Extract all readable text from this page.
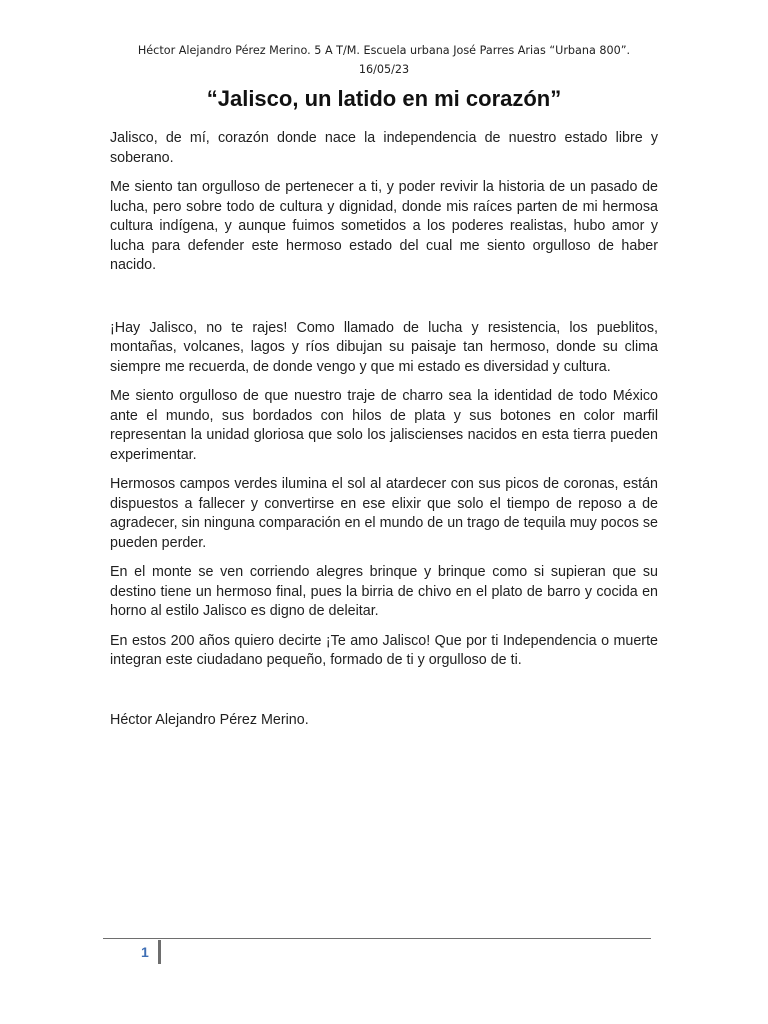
Héctor Alejandro Pérez Merino. 5 A T/M. Escuela urbana José Parres Arias “Urbana 800”.
16/05/23
“Jalisco, un latido en mi corazón”

Jalisco, de mí, corazón donde nace la independencia de nuestro estado libre y soberano.

Me siento tan orgulloso de pertenecer a ti, y poder revivir la historia de un pasado de lucha, pero sobre todo de cultura y dignidad, donde mis raíces parten de mi hermosa cultura indígena, y aunque fuimos sometidos a los poderes realistas, hubo amor y lucha para defender este hermoso estado del cual me siento orgulloso de haber nacido.

¡Hay Jalisco, no te rajes! Como llamado de lucha y resistencia, los pueblitos, montañas, volcanes, lagos y ríos dibujan su paisaje tan hermoso, donde su clima siempre me recuerda, de donde vengo y que mi estado es diversidad y cultura.

Me siento orgulloso de que nuestro traje de charro sea la identidad de todo México ante el mundo, sus bordados con hilos de plata y sus botones en color marfil representan la unidad gloriosa que solo los jaliscienses nacidos en esta tierra pueden experimentar.

Hermosos campos verdes ilumina el sol al atardecer con sus picos de coronas, están dispuestos a fallecer y convertirse en ese elixir que solo el tiempo de reposo a de agradecer, sin ninguna comparación en el mundo de un trago de tequila muy pocos se pueden perder.

En el monte se ven corriendo alegres brinque y brinque como si supieran que su destino tiene un hermoso final, pues la birria de chivo en el plato de barro y cocida en horno al estilo Jalisco es digno de deleitar.

En estos 200 años quiero decirte ¡Te amo Jalisco! Que por ti Independencia o muerte integran este ciudadano pequeño, formado de ti y orgulloso de ti.

Héctor Alejandro Pérez Merino.

1
